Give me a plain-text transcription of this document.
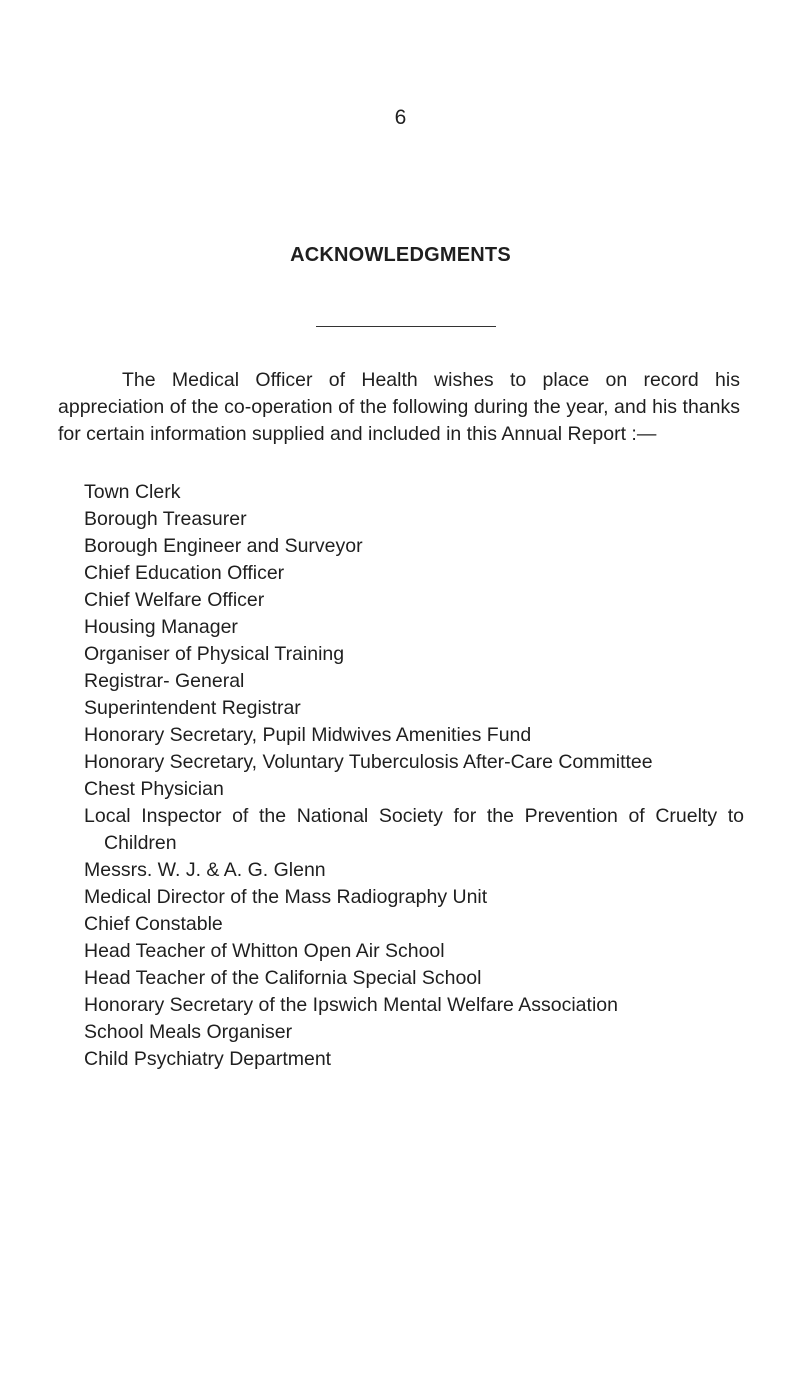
6
ACKNOWLEDGMENTS

The Medical Officer of Health wishes to place on record his appreciation of the co-operation of the following during the year, and his thanks for certain information supplied and included in this Annual Report :—

Town Clerk
Borough Treasurer
Borough Engineer and Surveyor
Chief Education Officer
Chief Welfare Officer
Housing Manager
Organiser of Physical Training
Registrar- General
Superintendent Registrar
Honorary Secretary, Pupil Midwives Amenities Fund
Honorary Secretary, Voluntary Tuberculosis After-Care Committee
Chest Physician
Local Inspector of the National Society for the Prevention of Cruelty to Children
Messrs. W. J. & A. G. Glenn
Medical Director of the Mass Radiography Unit
Chief Constable
Head Teacher of Whitton Open Air School
Head Teacher of the California Special School
Honorary Secretary of the Ipswich Mental Welfare Association
School Meals Organiser
Child Psychiatry Department
